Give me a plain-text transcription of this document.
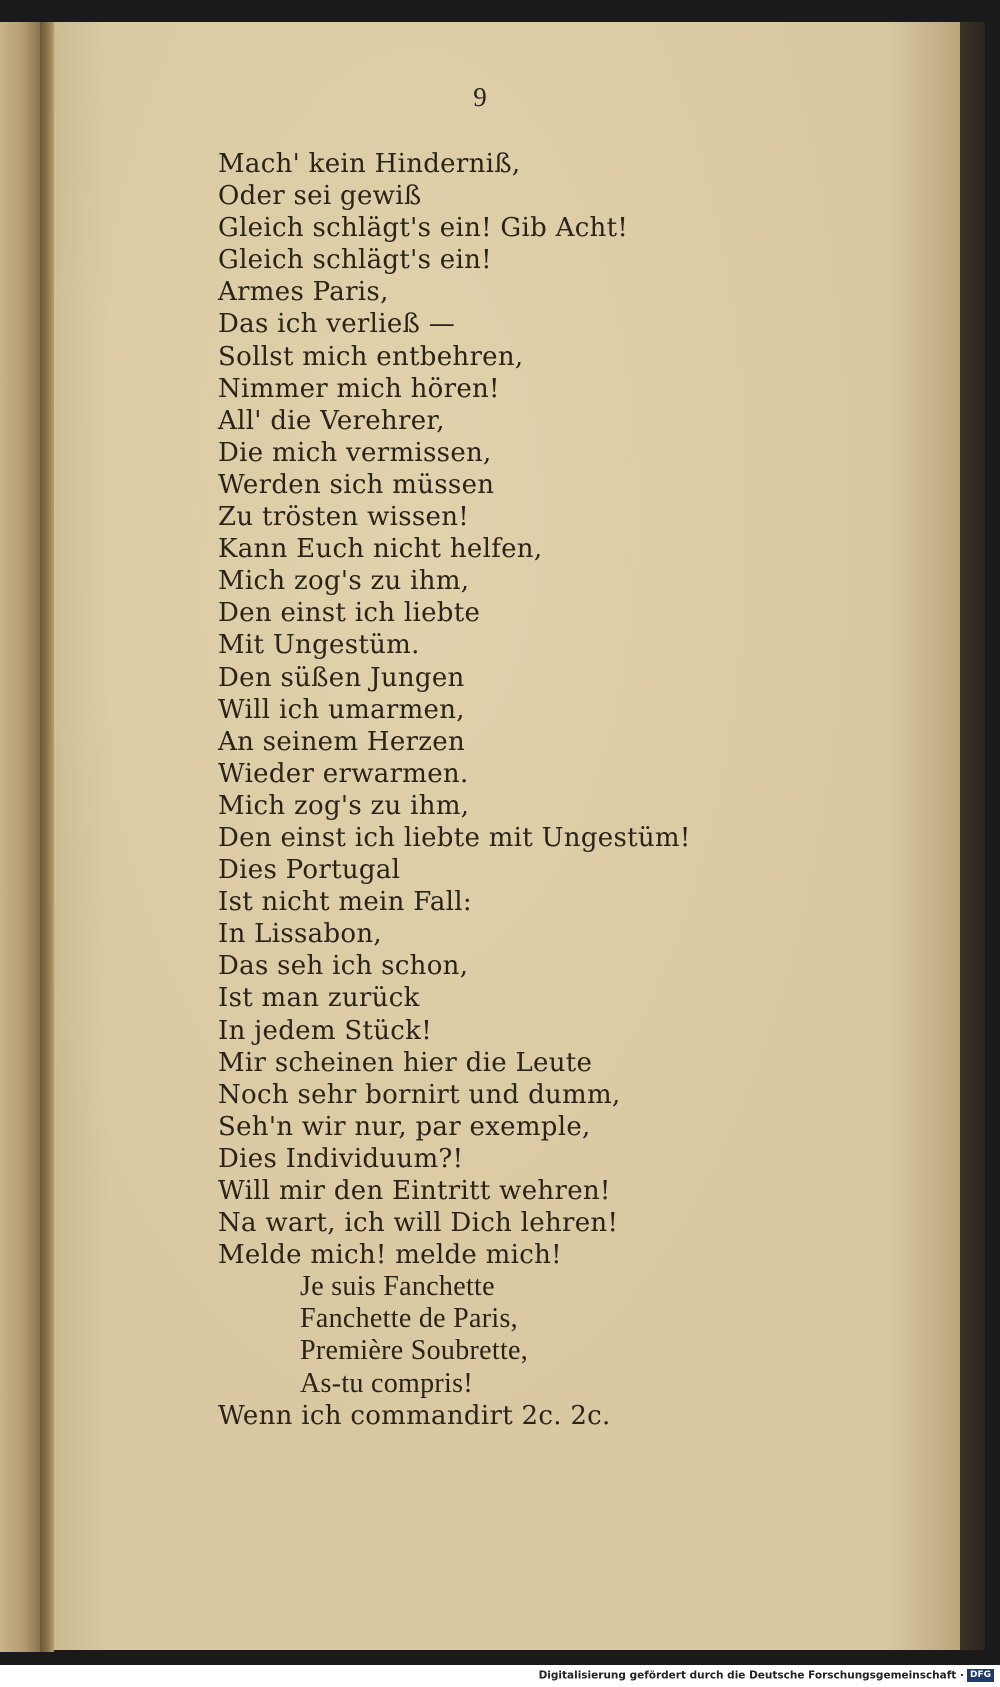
9
Mach' kein Hinderniß,
Oder sei gewiß
Gleich schlägt's ein! Gib Acht!
Gleich schlägt's ein!
Armes Paris,
Das ich verließ —
Sollst mich entbehren,
Nimmer mich hören!
All' die Verehrer,
Die mich vermissen,
Werden sich müssen
Zu trösten wissen!
Kann Euch nicht helfen,
Mich zog's zu ihm,
Den einst ich liebte
Mit Ungestüm.
Den süßen Jungen
Will ich umarmen,
An seinem Herzen
Wieder erwarmen.
Mich zog's zu ihm,
Den einst ich liebte mit Ungestüm!
Dies Portugal
Ist nicht mein Fall:
In Lissabon,
Das seh ich schon,
Ist man zurück
In jedem Stück!
Mir scheinen hier die Leute
Noch sehr bornirt und dumm,
Seh'n wir nur, par exemple,
Dies Individuum?!
Will mir den Eintritt wehren!
Na wart, ich will Dich lehren!
Melde mich! melde mich!
Je suis Fanchette
Fanchette de Paris,
Première Soubrette,
As-tu compris!
Wenn ich commandirt 2c. 2c.
Digitalisierung gefördert durch die Deutsche Forschungsgemeinschaft · DFG
